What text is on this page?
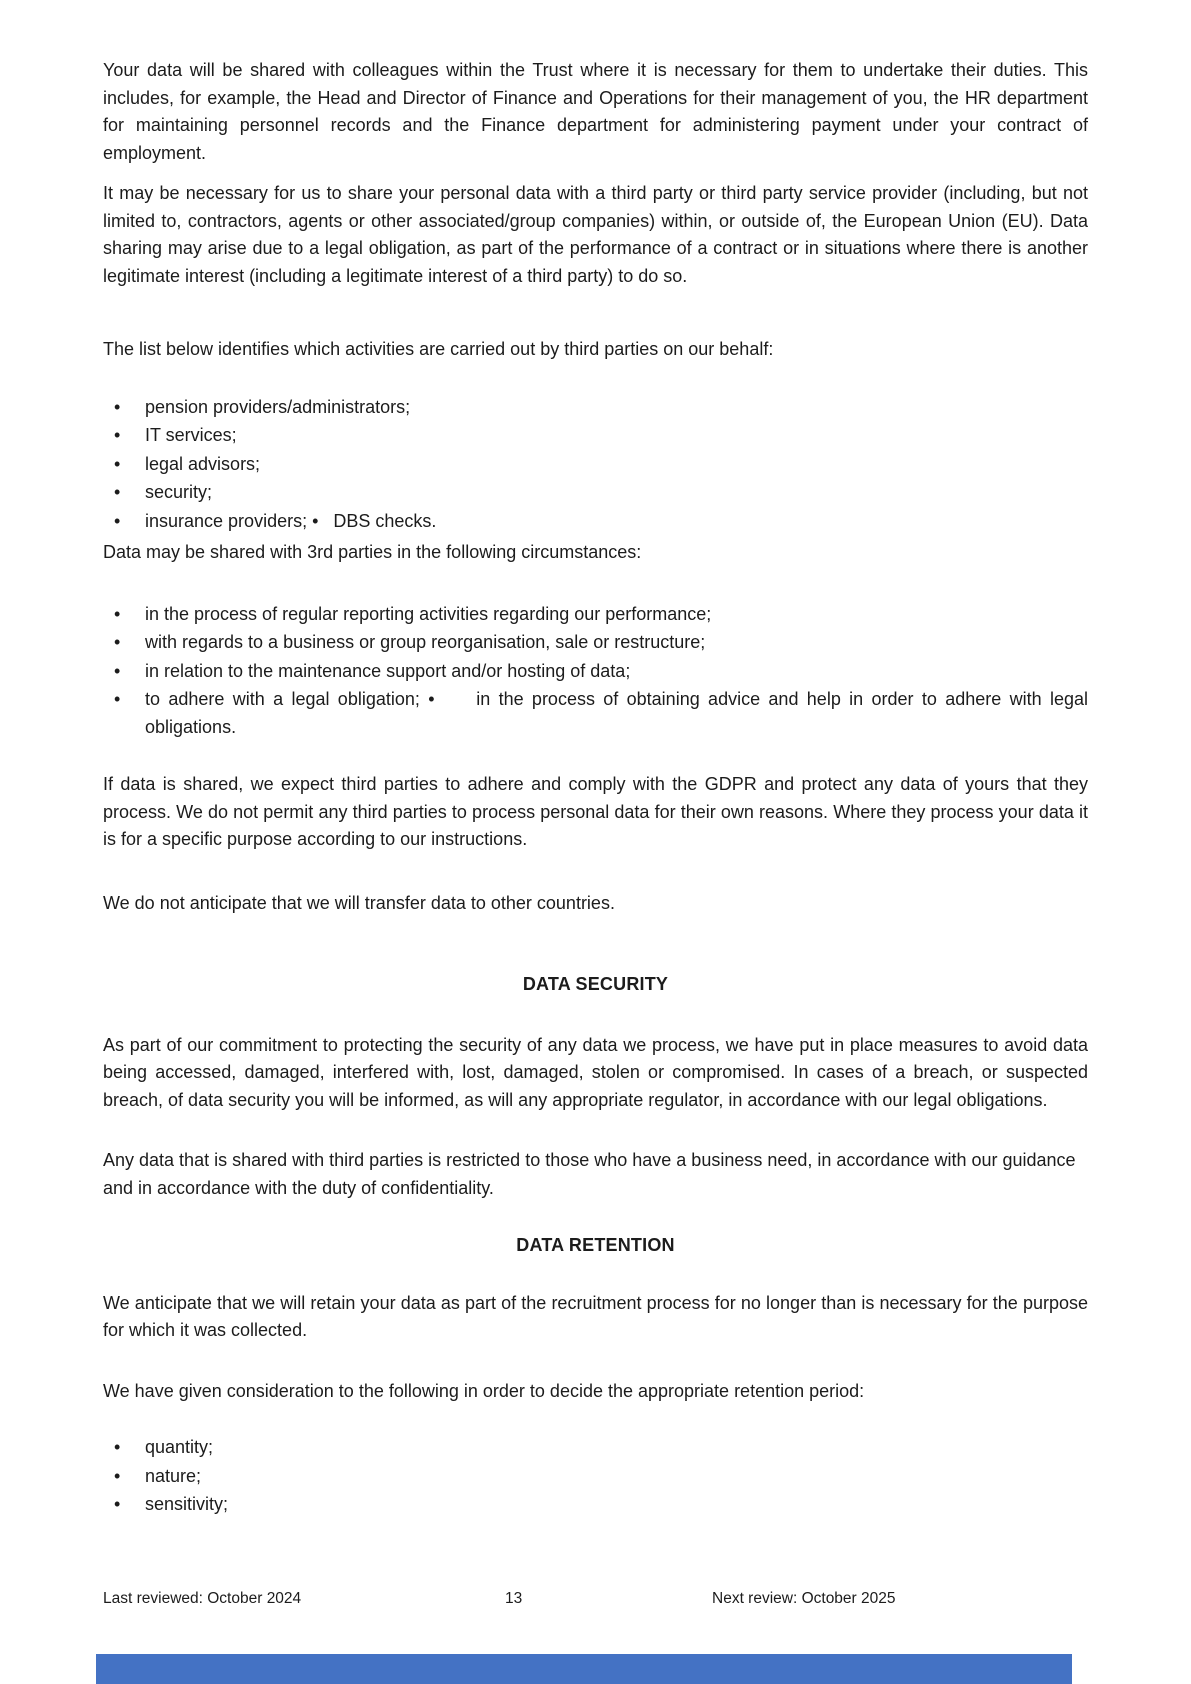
Your data will be shared with colleagues within the Trust where it is necessary for them to undertake their duties. This includes, for example, the Head and Director of Finance and Operations for their management of you, the HR department for maintaining personnel records and the Finance department for administering payment under your contract of employment.

It may be necessary for us to share your personal data with a third party or third party service provider (including, but not limited to, contractors, agents or other associated/group companies) within, or outside of, the European Union (EU). Data sharing may arise due to a legal obligation, as part of the performance of a contract or in situations where there is another legitimate interest (including a legitimate interest of a third party) to do so.

The list below identifies which activities are carried out by third parties on our behalf:

•	pension providers/administrators;
•	IT services;
•	legal advisors;
•	security;
•	insurance providers; •   DBS checks.

Data may be shared with 3rd parties in the following circumstances:

•	in the process of regular reporting activities regarding our performance;
•	with regards to a business or group reorganisation, sale or restructure;
•	in relation to the maintenance support and/or hosting of data;
•	to adhere with a legal obligation; •     in the process of obtaining advice and help in order to adhere with legal obligations.

If data is shared, we expect third parties to adhere and comply with the GDPR and protect any data of yours that they process. We do not permit any third parties to process personal data for their own reasons. Where they process your data it is for a specific purpose according to our instructions.

We do not anticipate that we will transfer data to other countries.

DATA SECURITY

As part of our commitment to protecting the security of any data we process, we have put in place measures to avoid data being accessed, damaged, interfered with, lost, damaged, stolen or compromised. In cases of a breach, or suspected breach, of data security you will be informed, as will any appropriate regulator, in accordance with our legal obligations.

Any data that is shared with third parties is restricted to those who have a business need, in accordance with our guidance and in accordance with the duty of confidentiality.

DATA RETENTION

We anticipate that we will retain your data as part of the recruitment process for no longer than is necessary for the purpose for which it was collected.

We have given consideration to the following in order to decide the appropriate retention period:

•	quantity;
•	nature;
•	sensitivity;
Last reviewed: October 2024	13	Next review: October 2025
